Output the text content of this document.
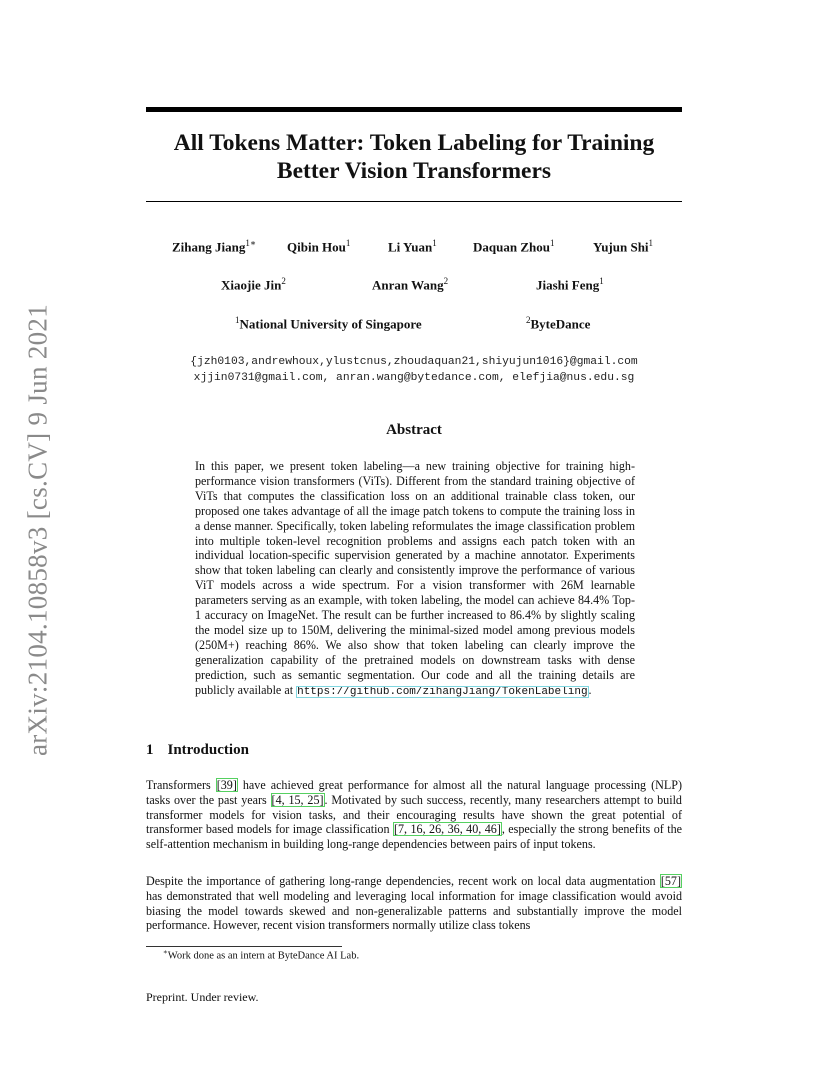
arXiv:2104.10858v3 [cs.CV] 9 Jun 2021
All Tokens Matter: Token Labeling for Training
Better Vision Transformers
Zihang Jiang$^{1∗}$ Qibin Hou$^1$	Li Yuan$^1$	Daquan Zhou$^1$	Yujun Shi$^1$
Xiaojie Jin$^2$	Anran Wang$^2$	Jiashi Feng$^1$
$^1$National University of Singapore	$^2$ByteDance
{jzh0103,andrewhoux,ylustcnus,zhoudaquan21,shiyujun1016}@gmail.com
xjjin0731@gmail.com, anran.wang@bytedance.com, elefjia@nus.edu.sg
Abstract

In this paper, we present token labeling—a new training objective for training high-performance vision transformers (ViTs). Different from the standard training objective of ViTs that computes the classification loss on an additional trainable class token, our proposed one takes advantage of all the image patch tokens to compute the training loss in a dense manner. Specifically, token labeling reformulates the image classification problem into multiple token-level recognition problems and assigns each patch token with an individual location-specific supervision generated by a machine annotator. Experiments show that token labeling can clearly and consistently improve the performance of various ViT models across a wide spectrum. For a vision transformer with 26M learnable parameters serving as an example, with token labeling, the model can achieve 84.4% Top-1 accuracy on ImageNet. The result can be further increased to 86.4% by slightly scaling the model size up to 150M, delivering the minimal-sized model among previous models (250M+) reaching 86%. We also show that token labeling can clearly improve the generalization capability of the pretrained models on downstream tasks with dense prediction, such as semantic segmentation. Our code and all the training details are publicly available at https://github.com/zihangJiang/TokenLabeling.

1 Introduction

Transformers [39] have achieved great performance for almost all the natural language processing (NLP) tasks over the past years [4, 15, 25]. Motivated by such success, recently, many researchers attempt to build transformer models for vision tasks, and their encouraging results have shown the great potential of transformer based models for image classification [7, 16, 26, 36, 40, 46], especially the strong benefits of the self-attention mechanism in building long-range dependencies between pairs of input tokens.

Despite the importance of gathering long-range dependencies, recent work on local data augmentation [57] has demonstrated that well modeling and leveraging local information for image classification would avoid biasing the model towards skewed and non-generalizable patterns and substantially improve the model performance. However, recent vision transformers normally utilize class tokens

∗Work done as an intern at ByteDance AI Lab.
Preprint. Under review.
